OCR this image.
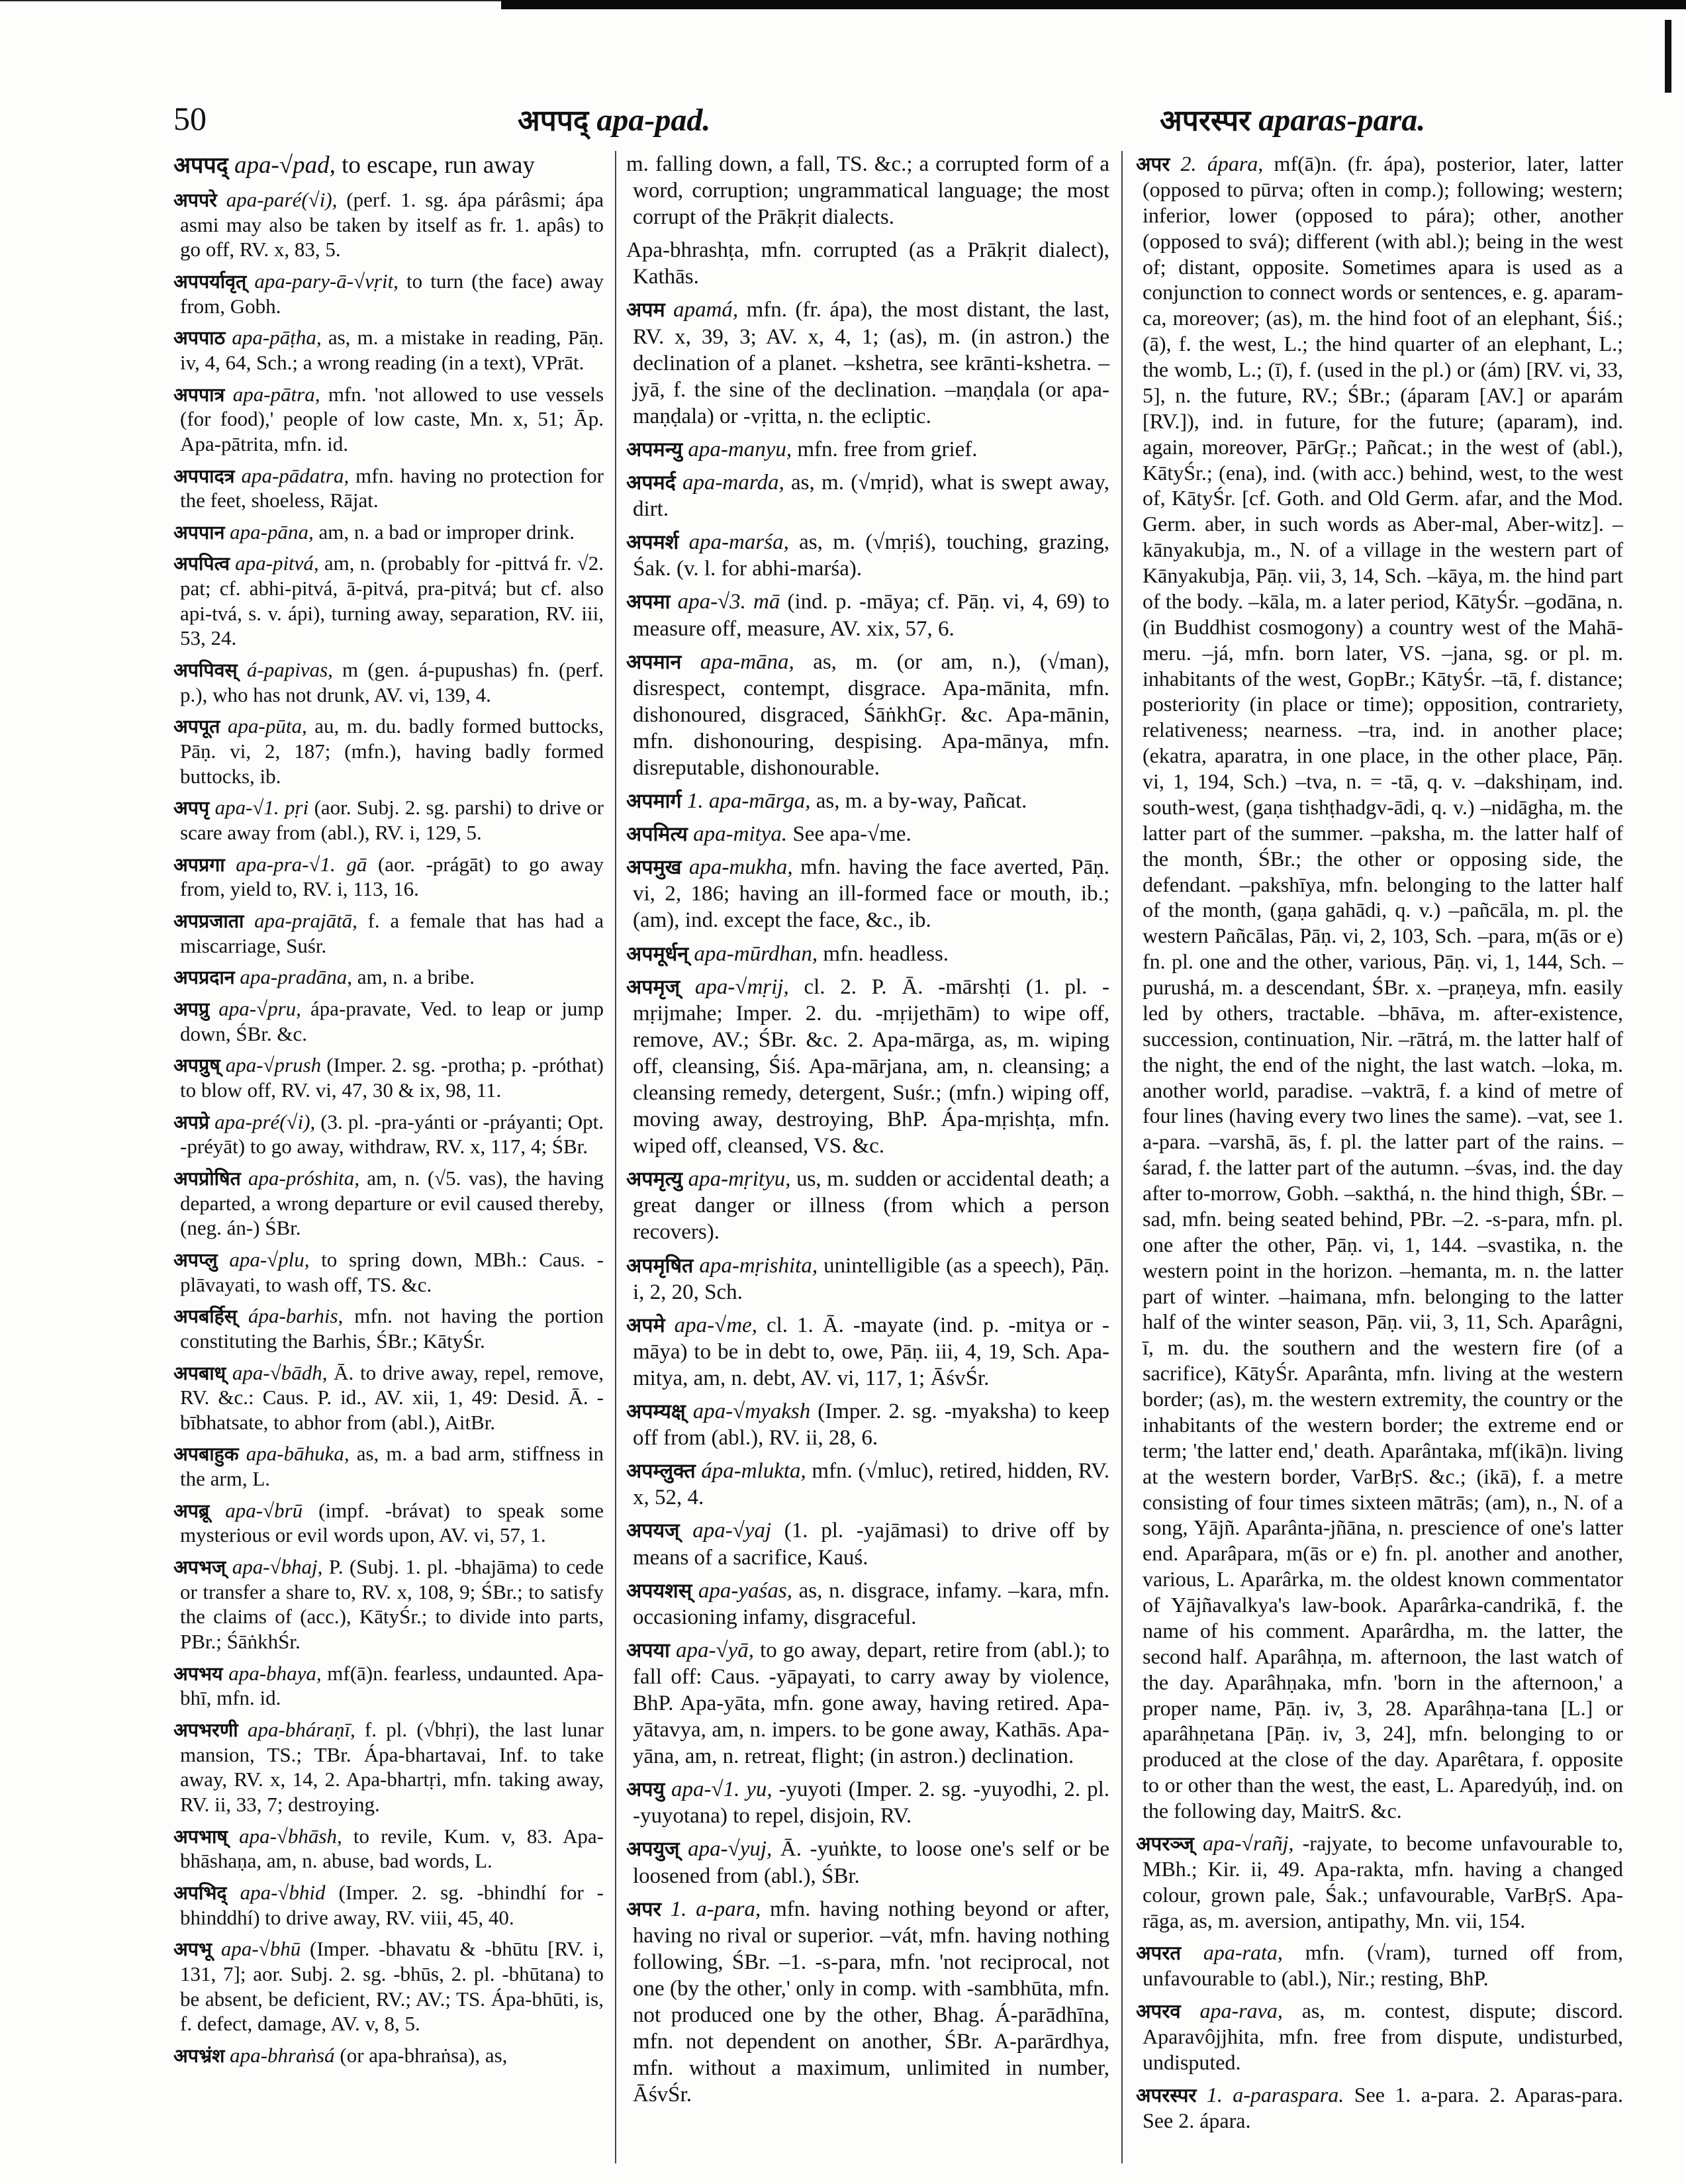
50	अपपद् apa-pad.	अपरस्पर aparas-para.
अपपद् apa-√pad, to escape, run away
अपपरे apa-paré(√i), (perf. 1. sg. ápa párâsmi; ápa asmi may also be taken by itself as fr. 1. apâs) to go off, RV. x, 83, 5.
अपपर्यावृत् apa-pary-ā-√vṛit, to turn (the face) away from, Gobh.
अपपाठ apa-pāṭha, as, m. a mistake in reading, Pāṇ. iv, 4, 64, Sch.; a wrong reading (in a text), VPrāt.
अपपात्र apa-pātra, mfn. 'not allowed to use vessels (for food),' people of low caste, Mn. x, 51; Āp. Apa-pātrita, mfn. id.
अपपादत्र apa-pādatra, mfn. having no protection for the feet, shoeless, Rājat.
अपपान apa-pāna, am, n. a bad or improper drink.
अपपित्व apa-pitvá, am, n. (probably for -pittvá fr. √2. pat; cf. abhi-pitvá, ā-pitvá, pra-pitvá; but cf. also api-tvá, s. v. ápi), turning away, separation, RV. iii, 53, 24.
अपपिवस् á-papivas, m (gen. á-pupushas) fn. (perf. p.), who has not drunk, AV. vi, 139, 4.
अपपूत apa-pūta, au, m. du. badly formed buttocks, Pāṇ. vi, 2, 187; (mfn.), having badly formed buttocks, ib.
अपपृ apa-√1. pṛi (aor. Subj. 2. sg. parshi) to drive or scare away from (abl.), RV. i, 129, 5.
अपप्रगा apa-pra-√1. gā (aor. -prágāt) to go away from, yield to, RV. i, 113, 16.
अपप्रजाता apa-prajātā, f. a female that has had a miscarriage, Suśr.
अपप्रदान apa-pradāna, am, n. a bribe.
अपप्रु apa-√pru, ápa-pravate, Ved. to leap or jump down, ŚBr. &c.
अपप्रुष् apa-√prush (Imper. 2. sg. -protha; p. -próthat) to blow off, RV. vi, 47, 30 & ix, 98, 11.
अपप्रे apa-pré(√i), (3. pl. -pra-yánti or -práyanti; Opt. -préyāt) to go away, withdraw, RV. x, 117, 4; ŚBr.
अपप्रोषित apa-próshita, am, n. (√5. vas), the having departed, a wrong departure or evil caused thereby, (neg. án-) ŚBr.
अपप्लु apa-√plu, to spring down, MBh.: Caus. -plāvayati, to wash off, TS. &c.
अपबर्हिस् ápa-barhis, mfn. not having the portion constituting the Barhis, ŚBr.; KātyŚr.
अपबाध् apa-√bādh, Ā. to drive away, repel, remove, RV. &c.: Caus. P. id., AV. xii, 1, 49: Desid. Ā. -bībhatsate, to abhor from (abl.), AitBr.
अपबाहुक apa-bāhuka, as, m. a bad arm, stiffness in the arm, L.
अपब्रू apa-√brū (impf. -brávat) to speak some mysterious or evil words upon, AV. vi, 57, 1.
अपभज् apa-√bhaj, P. (Subj. 1. pl. -bhajāma) to cede or transfer a share to, RV. x, 108, 9; ŚBr.; to satisfy the claims of (acc.), KātyŚr.; to divide into parts, PBr.; ŚāṅkhŚr.
अपभय apa-bhaya, mf(ā)n. fearless, undaunted. Apa-bhī, mfn. id.
अपभरणी apa-bháraṇī, f. pl. (√bhṛi), the last lunar mansion, TS.; TBr. Ápa-bhartavai, Inf. to take away, RV. x, 14, 2. Apa-bhartṛi, mfn. taking away, RV. ii, 33, 7; destroying.
अपभाष् apa-√bhāsh, to revile, Kum. v, 83. Apa-bhāshaṇa, am, n. abuse, bad words, L.
अपभिद् apa-√bhid (Imper. 2. sg. -bhindhí for -bhinddhí) to drive away, RV. viii, 45, 40.
अपभू apa-√bhū (Imper. -bhavatu & -bhūtu [RV. i, 131, 7]; aor. Subj. 2. sg. -bhūs, 2. pl. -bhūtana) to be absent, be deficient, RV.; AV.; TS. Ápa-bhūti, is, f. defect, damage, AV. v, 8, 5.
अपभ्रंश apa-bhraṅsá (or apa-bhraṅsa), as,
m. falling down, a fall, TS. &c.; a corrupted form of a word, corruption; ungrammatical language; the most corrupt of the Prākṛit dialects.
Apa-bhrashṭa, mfn. corrupted (as a Prākṛit dialect), Kathās.
अपम apamá, mfn. (fr. ápa), the most distant, the last, RV. x, 39, 3; AV. x, 4, 1; (as), m. (in astron.) the declination of a planet. –kshetra, see krānti-kshetra. –jyā, f. the sine of the declination. –maṇḍala (or apa-maṇḍala) or -vṛitta, n. the ecliptic.
अपमन्यु apa-manyu, mfn. free from grief.
अपमर्द apa-marda, as, m. (√mṛid), what is swept away, dirt.
अपमर्श apa-marśa, as, m. (√mṛiś), touching, grazing, Śak. (v. l. for abhi-marśa).
अपमा apa-√3. mā (ind. p. -māya; cf. Pāṇ. vi, 4, 69) to measure off, measure, AV. xix, 57, 6.
अपमान apa-māna, as, m. (or am, n.), (√man), disrespect, contempt, disgrace. Apa-mānita, mfn. dishonoured, disgraced, ŚāṅkhGṛ. &c. Apa-mānin, mfn. dishonouring, despising. Apa-mānya, mfn. disreputable, dishonourable.
अपमार्ग 1. apa-mārga, as, m. a by-way, Pañcat.
अपमित्य apa-mitya. See apa-√me.
अपमुख apa-mukha, mfn. having the face averted, Pāṇ. vi, 2, 186; having an ill-formed face or mouth, ib.; (am), ind. except the face, &c., ib.
अपमूर्धन् apa-mūrdhan, mfn. headless.
अपमृज् apa-√mṛij, cl. 2. P. Ā. -mārshṭi (1. pl. -mṛijmahe; Imper. 2. du. -mṛijethām) to wipe off, remove, AV.; ŚBr. &c. 2. Apa-mārga, as, m. wiping off, cleansing, Śiś. Apa-mārjana, am, n. cleansing; a cleansing remedy, detergent, Suśr.; (mfn.) wiping off, moving away, destroying, BhP. Ápa-mṛishṭa, mfn. wiped off, cleansed, VS. &c.
अपमृत्यु apa-mṛityu, us, m. sudden or accidental death; a great danger or illness (from which a person recovers).
अपमृषित apa-mṛishita, unintelligible (as a speech), Pāṇ. i, 2, 20, Sch.
अपमे apa-√me, cl. 1. Ā. -mayate (ind. p. -mitya or -māya) to be in debt to, owe, Pāṇ. iii, 4, 19, Sch. Apa-mitya, am, n. debt, AV. vi, 117, 1; ĀśvŚr.
अपम्यक्ष् apa-√myaksh (Imper. 2. sg. -myaksha) to keep off from (abl.), RV. ii, 28, 6.
अपम्लुक्त ápa-mlukta, mfn. (√mluc), retired, hidden, RV. x, 52, 4.
अपयज् apa-√yaj (1. pl. -yajāmasi) to drive off by means of a sacrifice, Kauś.
अपयशस् apa-yaśas, as, n. disgrace, infamy. –kara, mfn. occasioning infamy, disgraceful.
अपया apa-√yā, to go away, depart, retire from (abl.); to fall off: Caus. -yāpayati, to carry away by violence, BhP. Apa-yāta, mfn. gone away, having retired. Apa-yātavya, am, n. impers. to be gone away, Kathās. Apa-yāna, am, n. retreat, flight; (in astron.) declination.
अपयु apa-√1. yu, -yuyoti (Imper. 2. sg. -yuyodhi, 2. pl. -yuyotana) to repel, disjoin, RV.
अपयुज् apa-√yuj, Ā. -yuṅkte, to loose one's self or be loosened from (abl.), ŚBr.
अपर 1. a-para, mfn. having nothing beyond or after, having no rival or superior. –vát, mfn. having nothing following, ŚBr. –1. -s-para, mfn. 'not reciprocal, not one (by the other,' only in comp. with -sambhūta, mfn. not produced one by the other, Bhag. Á-parādhīna, mfn. not dependent on another, ŚBr. A-parārdhya, mfn. without a maximum, unlimited in number, ĀśvŚr.
अपर 2. ápara, mf(ā)n. (fr. ápa), posterior, later, latter (opposed to pūrva; often in comp.); following; western; inferior, lower (opposed to pára); other, another (opposed to svá); different (with abl.); being in the west of; distant, opposite. Sometimes apara is used as a conjunction to connect words or sentences, e. g. aparam-ca, moreover; (as), m. the hind foot of an elephant, Śiś.; (ā), f. the west, L.; the hind quarter of an elephant, L.; the womb, L.; (ī), f. (used in the pl.) or (ám) [RV. vi, 33, 5], n. the future, RV.; ŚBr.; (áparam [AV.] or aparám [RV.]), ind. in future, for the future; (aparam), ind. again, moreover, PārGṛ.; Pañcat.; in the west of (abl.), KātyŚr.; (ena), ind. (with acc.) behind, west, to the west of, KātyŚr. [cf. Goth. and Old Germ. afar, and the Mod. Germ. aber, in such words as Aber-mal, Aber-witz]. –kānyakubja, m., N. of a village in the western part of Kānyakubja, Pāṇ. vii, 3, 14, Sch. –kāya, m. the hind part of the body. –kāla, m. a later period, KātyŚr. –godāna, n. (in Buddhist cosmogony) a country west of the Mahā-meru. –já, mfn. born later, VS. –jana, sg. or pl. m. inhabitants of the west, GopBr.; KātyŚr. –tā, f. distance; posteriority (in place or time); opposition, contrariety, relativeness; nearness. –tra, ind. in another place; (ekatra, aparatra, in one place, in the other place, Pāṇ. vi, 1, 194, Sch.) –tva, n. = -tā, q. v. –dakshiṇam, ind. south-west, (gaṇa tishṭhadgv-ādi, q. v.) –nidāgha, m. the latter part of the summer. –paksha, m. the latter half of the month, ŚBr.; the other or opposing side, the defendant. –pakshīya, mfn. belonging to the latter half of the month, (gaṇa gahādi, q. v.) –pañcāla, m. pl. the western Pañcālas, Pāṇ. vi, 2, 103, Sch. –para, m(ās or e) fn. pl. one and the other, various, Pāṇ. vi, 1, 144, Sch. –purushá, m. a descendant, ŚBr. x. –praṇeya, mfn. easily led by others, tractable. –bhāva, m. after-existence, succession, continuation, Nir. –rātrá, m. the latter half of the night, the end of the night, the last watch. –loka, m. another world, paradise. –vaktrā, f. a kind of metre of four lines (having every two lines the same). –vat, see 1. a-para. –varshā, ās, f. pl. the latter part of the rains. –śarad, f. the latter part of the autumn. –śvas, ind. the day after to-morrow, Gobh. –sakthá, n. the hind thigh, ŚBr. –sad, mfn. being seated behind, PBr. –2. -s-para, mfn. pl. one after the other, Pāṇ. vi, 1, 144. –svastika, n. the western point in the horizon. –hemanta, m. n. the latter part of winter. –haimana, mfn. belonging to the latter half of the winter season, Pāṇ. vii, 3, 11, Sch. Aparâgni, ī, m. du. the southern and the western fire (of a sacrifice), KātyŚr. Aparânta, mfn. living at the western border; (as), m. the western extremity, the country or the inhabitants of the western border; the extreme end or term; 'the latter end,' death. Aparântaka, mf(ikā)n. living at the western border, VarBṛS. &c.; (ikā), f. a metre consisting of four times sixteen mātrās; (am), n., N. of a song, Yājñ. Aparânta-jñāna, n. prescience of one's latter end. Aparâpara, m(ās or e) fn. pl. another and another, various, L. Aparârka, m. the oldest known commentator of Yājñavalkya's law-book. Aparârka-candrikā, f. the name of his comment. Aparârdha, m. the latter, the second half. Aparâhṇa, m. afternoon, the last watch of the day. Aparâhṇaka, mfn. 'born in the afternoon,' a proper name, Pāṇ. iv, 3, 28. Aparâhṇa-tana [L.] or aparâhṇetana [Pāṇ. iv, 3, 24], mfn. belonging to or produced at the close of the day. Aparêtara, f. opposite to or other than the west, the east, L. Aparedyúḥ, ind. on the following day, MaitrS. &c.
अपरञ्ज् apa-√rañj, -rajyate, to become unfavourable to, MBh.; Kir. ii, 49. Apa-rakta, mfn. having a changed colour, grown pale, Śak.; unfavourable, VarBṛS. Apa-rāga, as, m. aversion, antipathy, Mn. vii, 154.
अपरत apa-rata, mfn. (√ram), turned off from, unfavourable to (abl.), Nir.; resting, BhP.
अपरव apa-rava, as, m. contest, dispute; discord. Aparavôjjhita, mfn. free from dispute, undisturbed, undisputed.
अपरस्पर 1. a-paraspara. See 1. a-para. 2. Aparas-para. See 2. ápara.
